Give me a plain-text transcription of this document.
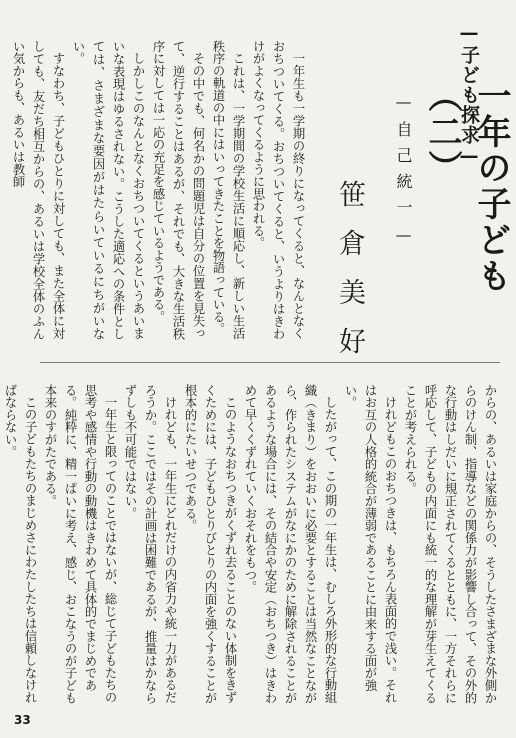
—子ども探求—
一年の子ども（二）
—自己統一—
笹倉美好

一年生も一学期の終りになってくると、なんとなくおちついてくる。おちついてくると、いうよりはきわけがよくなってくるように思われる。

これは、一学期間の学校生活に順応し、新しい生活秩序の軌道の中にはいってきたことを物語っている。

その中でも、何名かの問題児は自分の位置を見失って、逆行することはあるが、それでも、大きな生活秩序に対しては一応の充足を感じているようである。

しかしこのなんとなくおちついてくるというあいまいな表現はゆるされない。こうした適応への条件としては、さまざまな要因がはたらいているにちがいない。

すなわち、子どもひとりに対しても、また全体に対しても、友だち相互からの、あるいは学校全体のふんい気からも、あるいは教師

からの、あるいは家庭からの、そうしたさまざまな外側からのけん制、指導などの関係力が影響し合って、その外的な行動はしだいに規正されてくるとともに、一方それらに呼応して、子どもの内面にも統一的な理解が芽生えてくることが考えられる。

けれどもこのおちつきは、もちろん表面的で浅い。それはお互の人格的統合が薄弱であることに由来する面が強い。

したがって、この期の一年生は、むしろ外形的な行動組織（きまり）をおおいに必要とすることは当然なことながら、作られたシステムがなにかのために解除されることがあるような場合には、その結合や安定（おちつき）はきわめて早くくずれていくおそれをもつ。

このようなおちつきがくずれ去ることのない体制をきずくためには、子どもひとりびとりの内面を強くすることが根本的にたいせつである。

けれども、一年生にどれだけの内省力や統一力があるだろうか。ここではその計画は困難であるが、推量はかならずしも不可能ではない。

一年生と限ってのことではないが、総じて子どもたちの思考や感情や行動の動機はきわめて具体的でまじめである。純粋に、精一ぱいに考え、感じ、おこなうのが子ども本来のすがたである。

この子どもたちのまじめさにわたしたちは信頼しなければならない。

33
